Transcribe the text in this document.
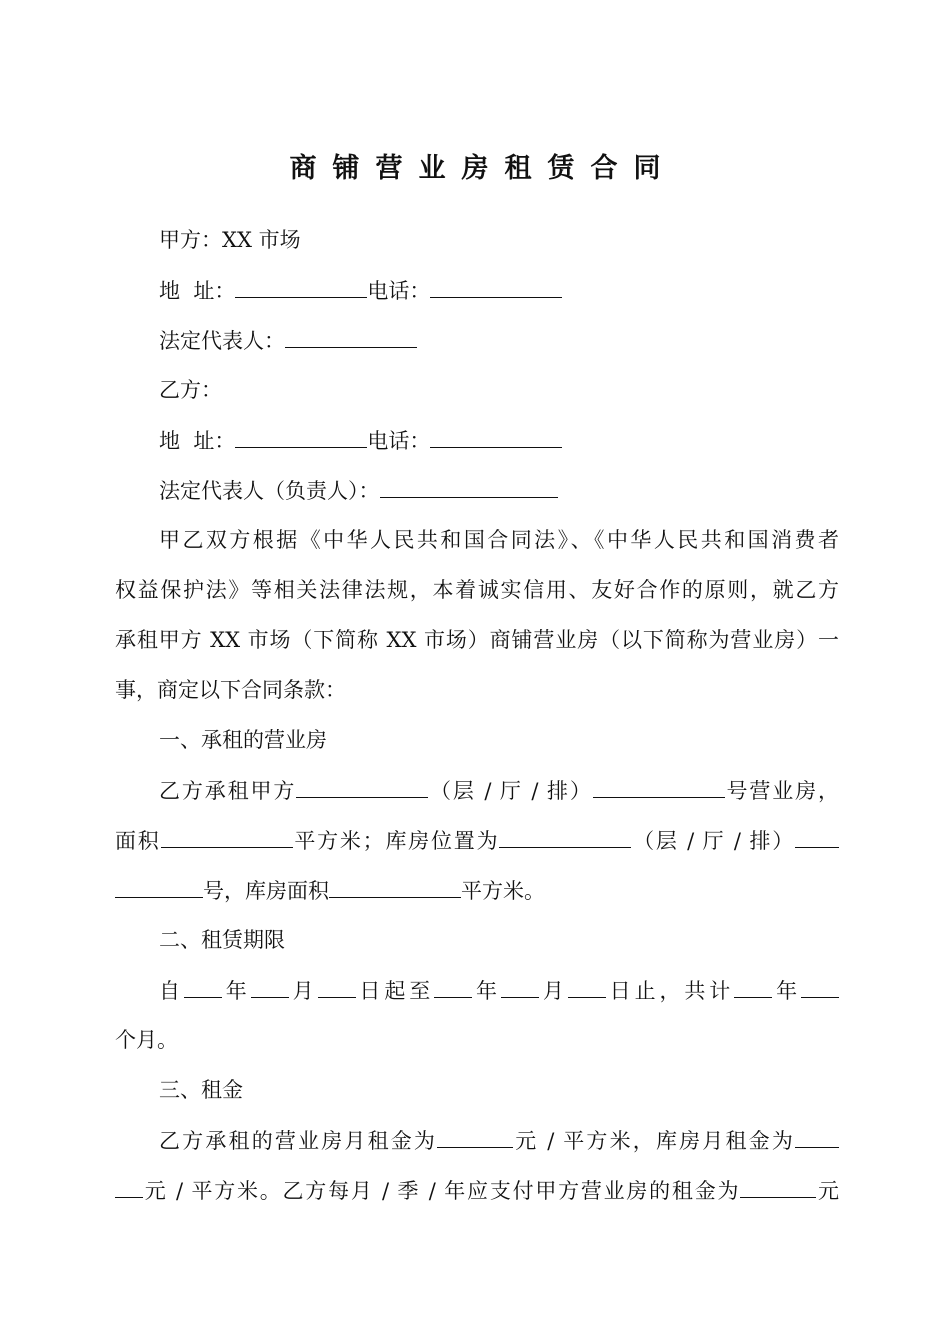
商铺营业房租赁合同
甲方：XX 市场
地  址：	电话：
法定代表人：
乙方：
地  址：	电话：
法定代表人（负责人）：
甲乙双方根据《中华人民共和国合同法》、《中华人民共和国消费者
权益保护法》等相关法律法规，本着诚实信用、友好合作的原则，就乙方
承租甲方 XX 市场（下简称 XX 市场）商铺营业房（以下简称为营业房）一
事，商定以下合同条款：
一、承租的营业房
乙方承租甲方	（层 / 厅 / 排）	号营业房，
面积	平方米；库房位置为	（层 / 厅 / 排）
号，库房面积	平方米。
二、租赁期限
自 年 月 日起至 年 月 日止，共计 年
个月。
三、租金
乙方承租的营业房月租金为	元 / 平方米，库房月租金为
元 / 平方米。乙方每月 / 季 / 年应支付甲方营业房的租金为	元
